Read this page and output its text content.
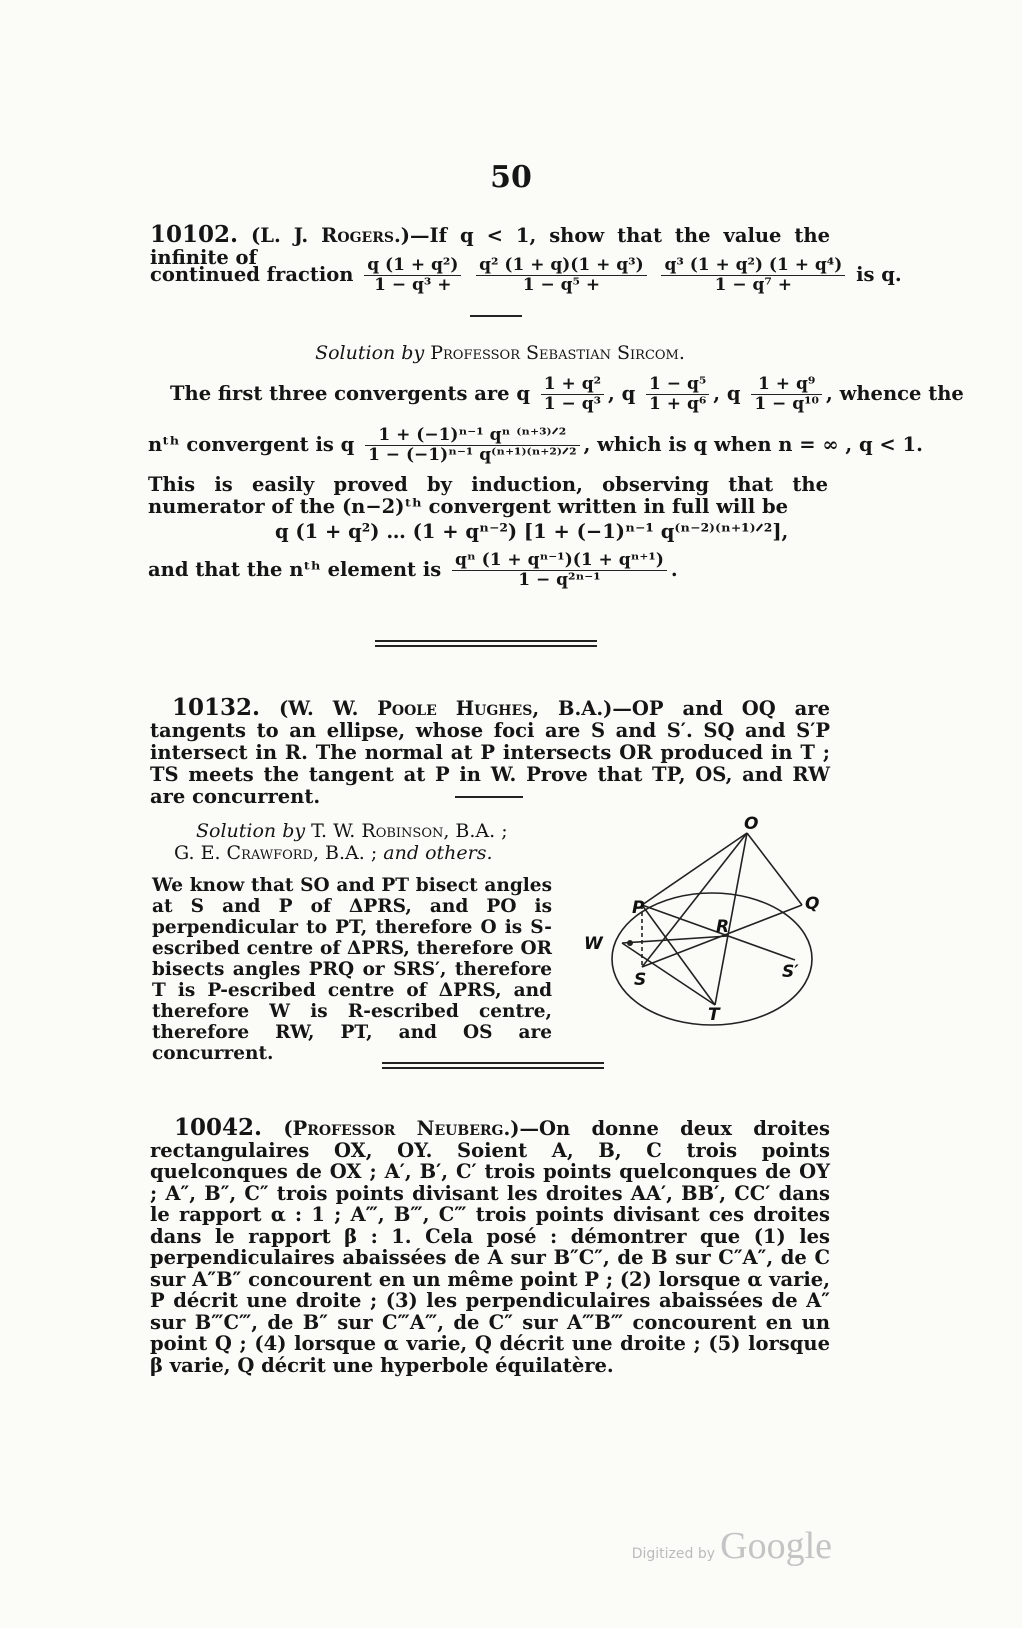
50
10102. (L. J. Rogers.)—If q < 1, show that the value the infinite of
continued fraction $\frac{\text{q (1 + q²)}}{\text{1 − q³ +}}$
$\frac{\text{q² (1 + q)(1 + q³)}}{\text{1 − q⁵ +}}$
$\frac{\text{q³ (1 + q²) (1 + q⁴)}}{\text{1 − q⁷ +}}$ is q.
Solution by Professor Sebastian Sircom.
The first three convergents are q $\frac{\text{1 + q²}}{\text{1 − q³}}$ , q $\frac{\text{1 − q⁵}}{\text{1 + q⁶}}$ , q $\frac{\text{1 + q⁹}}{\text{1 − q¹⁰}}$ , whence the
nᵗʰ convergent is q $\frac{\text{1 + (−1)ⁿ⁻¹ qⁿ ⁽ⁿ⁺³⁾ᐟ²}}{\text{1 − (−1)ⁿ⁻¹ q⁽ⁿ⁺¹⁾⁽ⁿ⁺²⁾ᐟ²}}$ , which is q when n = ∞ , q < 1.
This is easily proved by induction, observing that the numerator of the (n−2)ᵗʰ convergent written in full will be
q (1 + q²) … (1 + qⁿ⁻²) [1 + (−1)ⁿ⁻¹ q⁽ⁿ⁻²⁾⁽ⁿ⁺¹⁾ᐟ²],
and that the nᵗʰ element is $\frac{\text{qⁿ (1 + qⁿ⁻¹)(1 + qⁿ⁺¹)}}{\text{1 − q²ⁿ⁻¹}}$ .
10132. (W. W. Poole Hughes, B.A.)—OP and OQ are tangents to an ellipse, whose foci are S and S′. SQ and S′P intersect in R. The normal at P intersects OR produced in T ; TS meets the tangent at P in W. Prove that TP, OS, and RW are concurrent.
Solution by T. W. Robinson, B.A. ;
G. E. Crawford, B.A. ; and others.
We know that SO and PT bisect angles at S and P of ΔPRS, and PO is perpendicular to PT, therefore O is S-escribed centre of ΔPRS, therefore OR bisects angles PRQ or SRS′, therefore T is P-escribed centre of ΔPRS, and therefore W is R-escribed centre, therefore RW, PT, and OS are concurrent.
O
P	Q
R
W
S	S′
T
10042. (Professor Neuberg.)—On donne deux droites rectangulaires OX, OY. Soient A, B, C trois points quelconques de OX ; A′, B′, C′ trois points quelconques de OY ; A″, B″, C″ trois points divisant les droites AA′, BB′, CC′ dans le rapport α : 1 ; A‴, B‴, C‴ trois points divisant ces droites dans le rapport β : 1. Cela posé : démontrer que (1) les perpendiculaires abaissées de A sur B″C″, de B sur C″A″, de C sur A″B″ concourent en un même point P ; (2) lorsque α varie, P décrit une droite ; (3) les perpendiculaires abaissées de A″ sur B‴C‴, de B″ sur C‴A‴, de C″ sur A‴B‴ concourent en un point Q ; (4) lorsque α varie, Q décrit une droite ; (5) lorsque β varie, Q décrit une hyperbole équilatère.
Digitized by Google
